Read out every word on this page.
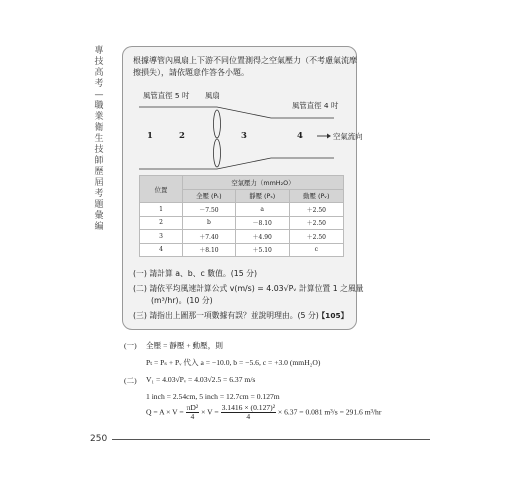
專技高考—職業衛生技師歷屆考題彙編
根據導管內風扇上下游不同位置測得之空氣壓力（不考慮氣流摩擦損失），請依題意作答各小題。
風管直徑 5 吋 風扇
風管直徑 4 吋
1	2	3	4	空氣流向
位置	空氣壓力（mmH₂O）		
	全壓 (Pₜ)	靜壓 (Pₛ)	動壓 (Pᵥ)
1	－7.50	a	＋2.50
2	b	－8.10	＋2.50
3	＋7.40	＋4.90	＋2.50
4	＋8.10	＋5.10	c
(一) 請計算 a、b、c 數值。(15 分)
(二) 請依平均風速計算公式 v(m/s) = 4.03√Pᵥ 計算位置 1 之風量
(m³/hr)。(10 分)
(三) 請指出上圖那一項數據有誤？並說明理由。(5 分)
【105】
(一) 全壓 = 靜壓 + 動壓，則
Pₜ = Pₛ + Pᵥ 代入 a = −10.0, b = −5.6, c = +3.0 (mmH₂O)
(二) V₁ = 4.03√Pᵥ = 4.03√2.5 = 6.37 m/s
1 inch = 2.54cm, 5 inch = 12.7cm = 0.127m
$Q = A \times V = \frac{\text{πD²}}{4} \times V = \frac{\text{3.1416 × (0.127)²}}{4} \times 6.37 = 0.081$ m³/s = 291.6 m³/hr
250
